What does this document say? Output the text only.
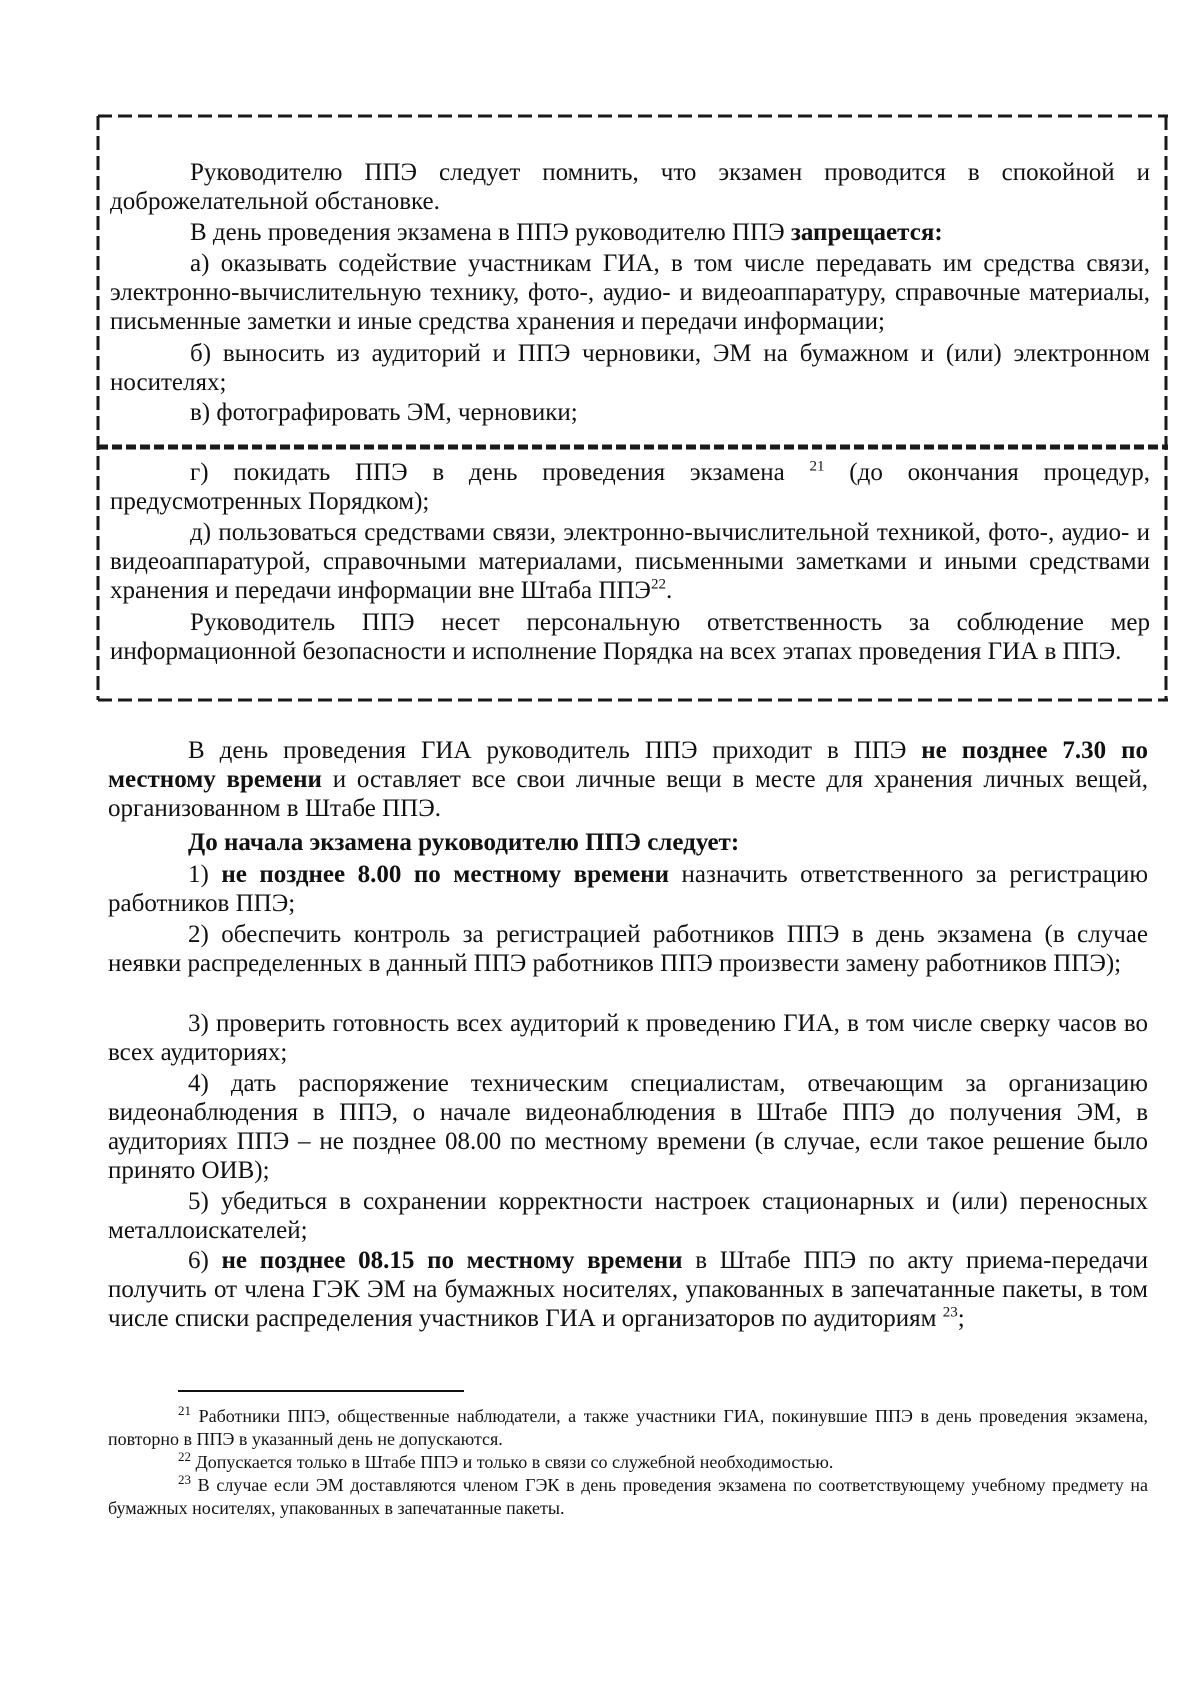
Руководителю ППЭ следует помнить, что экзамен проводится в спокойной и доброжелательной обстановке.

В день проведения экзамена в ППЭ руководителю ППЭ запрещается:

а) оказывать содействие участникам ГИА, в том числе передавать им средства связи, электронно-вычислительную технику, фото-, аудио- и видеоаппаратуру, справочные материалы, письменные заметки и иные средства хранения и передачи информации;

б) выносить из аудиторий и ППЭ черновики, ЭМ на бумажном и (или) электронном носителях;

в) фотографировать ЭМ, черновики;

г) покидать ППЭ в день проведения экзамена $^{21}$ (до окончания процедур, предусмотренных Порядком);

д) пользоваться средствами связи, электронно-вычислительной техникой, фото-, аудио- и видеоаппаратурой, справочными материалами, письменными заметками и иными средствами хранения и передачи информации вне Штаба ППЭ$^{22}$.

Руководитель ППЭ несет персональную ответственность за соблюдение мер информационной безопасности и исполнение Порядка на всех этапах проведения ГИА в ППЭ.

В день проведения ГИА руководитель ППЭ приходит в ППЭ не позднее 7.30 по местному времени и оставляет все свои личные вещи в месте для хранения личных вещей, организованном в Штабе ППЭ.

До начала экзамена руководителю ППЭ следует:

1) не позднее 8.00 по местному времени назначить ответственного за регистрацию работников ППЭ;

2) обеспечить контроль за регистрацией работников ППЭ в день экзамена (в случае неявки распределенных в данный ППЭ работников ППЭ произвести замену работников ППЭ);

3) проверить готовность всех аудиторий к проведению ГИА, в том числе сверку часов во всех аудиториях;

4) дать распоряжение техническим специалистам, отвечающим за организацию видеонаблюдения в ППЭ, о начале видеонаблюдения в Штабе ППЭ до получения ЭМ, в аудиториях ППЭ – не позднее 08.00 по местному времени (в случае, если такое решение было принято ОИВ);

5) убедиться в сохранении корректности настроек стационарных и (или) переносных металлоискателей;

6) не позднее 08.15 по местному времени в Штабе ППЭ по акту приема-передачи получить от члена ГЭК ЭМ на бумажных носителях, упакованных в запечатанные пакеты, в том числе списки распределения участников ГИА и организаторов по аудиториям $^{23}$;

$^{21}$ Работники ППЭ, общественные наблюдатели, а также участники ГИА, покинувшие ППЭ в день проведения экзамена, повторно в ППЭ в указанный день не допускаются.

$^{22}$ Допускается только в Штабе ППЭ и только в связи со служебной необходимостью.

$^{23}$ В случае если ЭМ доставляются членом ГЭК в день проведения экзамена по соответствующему учебному предмету на бумажных носителях, упакованных в запечатанные пакеты.
